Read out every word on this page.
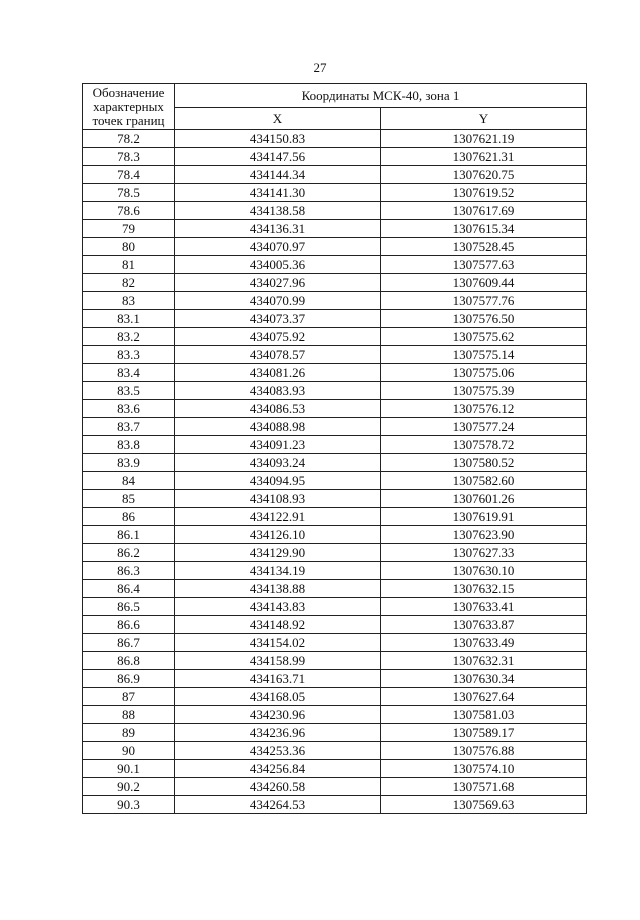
27
Обозначение
характерных
точек границ	Координаты МСК-40, зона 1	
	X	Y
78.2	434150.83	1307621.19
78.3	434147.56	1307621.31
78.4	434144.34	1307620.75
78.5	434141.30	1307619.52
78.6	434138.58	1307617.69
79	434136.31	1307615.34
80	434070.97	1307528.45
81	434005.36	1307577.63
82	434027.96	1307609.44
83	434070.99	1307577.76
83.1	434073.37	1307576.50
83.2	434075.92	1307575.62
83.3	434078.57	1307575.14
83.4	434081.26	1307575.06
83.5	434083.93	1307575.39
83.6	434086.53	1307576.12
83.7	434088.98	1307577.24
83.8	434091.23	1307578.72
83.9	434093.24	1307580.52
84	434094.95	1307582.60
85	434108.93	1307601.26
86	434122.91	1307619.91
86.1	434126.10	1307623.90
86.2	434129.90	1307627.33
86.3	434134.19	1307630.10
86.4	434138.88	1307632.15
86.5	434143.83	1307633.41
86.6	434148.92	1307633.87
86.7	434154.02	1307633.49
86.8	434158.99	1307632.31
86.9	434163.71	1307630.34
87	434168.05	1307627.64
88	434230.96	1307581.03
89	434236.96	1307589.17
90	434253.36	1307576.88
90.1	434256.84	1307574.10
90.2	434260.58	1307571.68
90.3	434264.53	1307569.63
